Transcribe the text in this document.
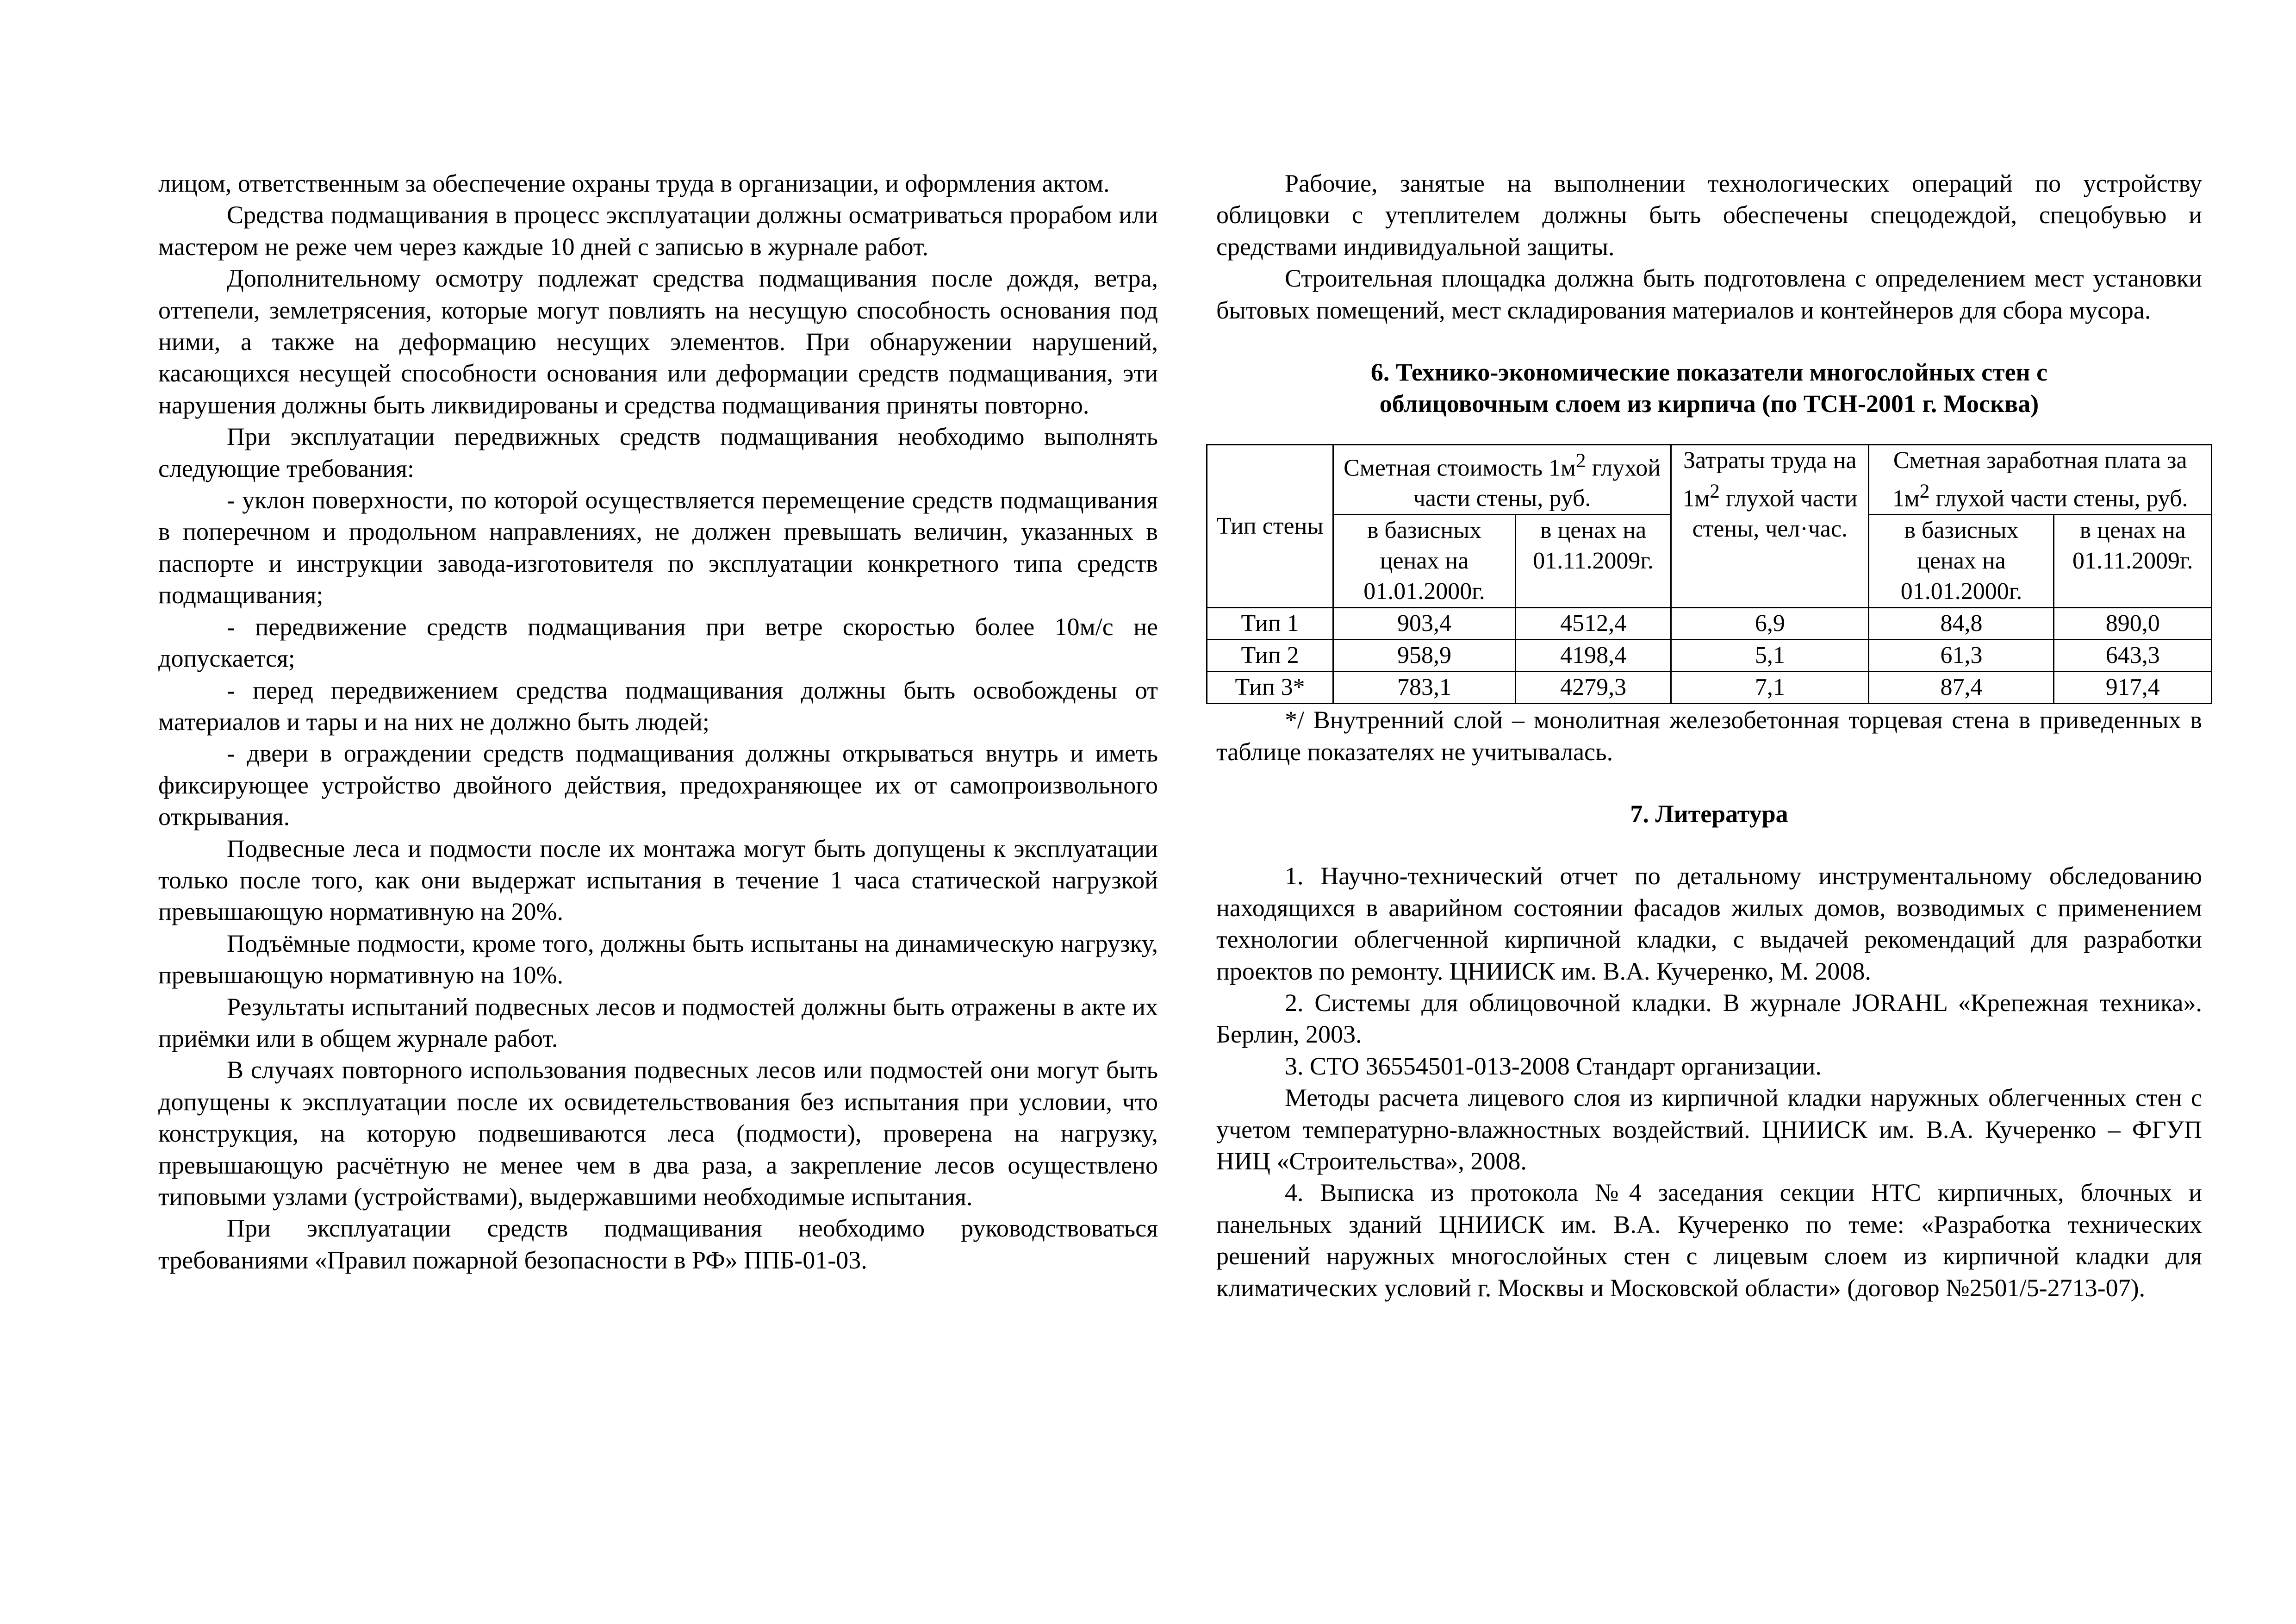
лицом, ответственным за обеспечение охраны труда в организации, и оформления актом.

Средства подмащивания в процесс эксплуатации должны осматриваться прорабом или мастером не реже чем через каждые 10 дней с записью в журнале работ.

Дополнительному осмотру подлежат средства подмащивания после дождя, ветра, оттепели, землетрясения, которые могут повлиять на несущую способность основания под ними, а также на деформацию несущих элементов. При обнаружении нарушений, касающихся несущей способности основания или деформации средств подмащивания, эти нарушения должны быть ликвидированы и средства подмащивания приняты повторно.

При эксплуатации передвижных средств подмащивания необходимо выполнять следующие требования:

- уклон поверхности, по которой осуществляется перемещение средств подмащивания в поперечном и продольном направлениях, не должен превышать величин, указанных в паспорте и инструкции завода-изготовителя по эксплуатации конкретного типа средств подмащивания;

- передвижение средств подмащивания при ветре скоростью более 10м/с не допускается;

- перед передвижением средства подмащивания должны быть освобождены от материалов и тары и на них не должно быть людей;

- двери в ограждении средств подмащивания должны открываться внутрь и иметь фиксирующее устройство двойного действия, предохраняющее их от самопроизвольного открывания.

Подвесные леса и подмости после их монтажа могут быть допущены к эксплуатации только после того, как они выдержат испытания в течение 1 часа статической нагрузкой превышающую нормативную на 20%.

Подъёмные подмости, кроме того, должны быть испытаны на динамическую нагрузку, превышающую нормативную на 10%.

Результаты испытаний подвесных лесов и подмостей должны быть отражены в акте их приёмки или в общем журнале работ.

В случаях повторного использования подвесных лесов или подмостей они могут быть допущены к эксплуатации после их освидетельствования без испытания при условии, что конструкция, на которую подвешиваются леса (подмости), проверена на нагрузку, превышающую расчётную не менее чем в два раза, а закрепление лесов осуществлено типовыми узлами (устройствами), выдержавшими необходимые испытания.

При эксплуатации средств подмащивания необходимо руководствоваться требованиями «Правил пожарной безопасности в РФ» ППБ-01-03.

Рабочие, занятые на выполнении технологических операций по устройству облицовки с утеплителем должны быть обеспечены спецодеждой, спецобувью и средствами индивидуальной защиты.

Строительная площадка должна быть подготовлена с определением мест установки бытовых помещений, мест складирования материалов и контейнеров для сбора мусора.

6. Технико-экономические показатели многослойных стен с
облицовочным слоем из кирпича (по ТСН-2001 г. Москва)
Тип стены	Сметная стоимость $1м^2$ глухой части стены, руб.		Затраты труда на $1м^2$ глухой части стены, чел·час.	Сметная заработная плата за $1м^2$ глухой части стены, руб.	
	в базисных ценах на 01.01.2000г.	в ценах на 01.11.2009г.		в базисных ценах на 01.01.2000г.	в ценах на 01.11.2009г.
Тип 1	903,4	4512,4	6,9	84,8	890,0
Тип 2	958,9	4198,4	5,1	61,3	643,3
Тип 3*	783,1	4279,3	7,1	87,4	917,4

*/ Внутренний слой – монолитная железобетонная торцевая стена в приведенных в таблице показателях не учитывалась.

7. Литература

1. Научно-технический отчет по детальному инструментальному обследованию находящихся в аварийном состоянии фасадов жилых домов, возводимых с применением технологии облегченной кирпичной кладки, с выдачей рекомендаций для разработки проектов по ремонту. ЦНИИСК им. В.А. Кучеренко, М. 2008.

2. Системы для облицовочной кладки. В журнале JORAHL «Крепежная техника». Берлин, 2003.

3. СТО 36554501-013-2008 Стандарт организации.

Методы расчета лицевого слоя из кирпичной кладки наружных облегченных стен с учетом температурно-влажностных воздействий. ЦНИИСК им. В.А. Кучеренко – ФГУП НИЦ «Строительства», 2008.

4. Выписка из протокола №4 заседания секции НТС кирпичных, блочных и панельных зданий ЦНИИСК им. В.А. Кучеренко по теме: «Разработка технических решений наружных многослойных стен с лицевым слоем из кирпичной кладки для климатических условий г. Москвы и Московской области» (договор №2501/5-2713-07).
